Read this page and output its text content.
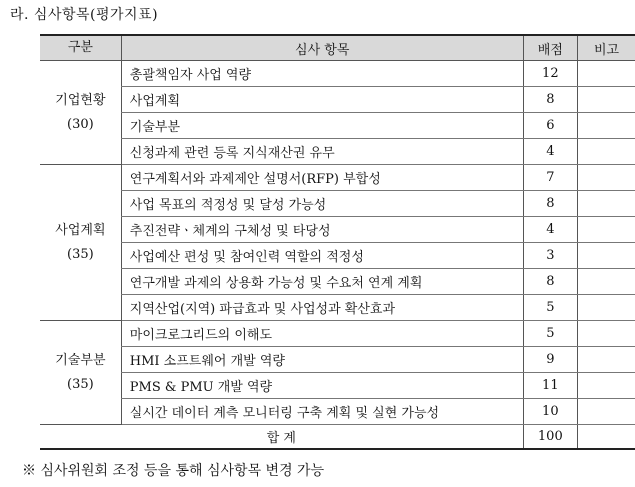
라. 심사항목(평가지표)
구분	심사 항목	배점	비고

기업현황
(30)	총괄책임자 사업 역량	12	
	사업계획	8	
	기술부분	6	
	신청과제 관련 등록 지식재산권 유무	4	

사업계획
(35)	연구계획서와 과제제안 설명서(RFP) 부합성	7	
	사업 목표의 적정성 및 달성 가능성	8	
	추진전략ㆍ체계의 구체성 및 타당성	4	
	사업예산 편성 및 참여인력 역할의 적정성	3	
	연구개발 과제의 상용화 가능성 및 수요처 연계 계획	8	
	지역산업(지역) 파급효과 및 사업성과 확산효과	5	

기술부분
(35)	마이크로그리드의 이해도	5	
	HMI 소프트웨어 개발 역량	9	
	PMS & PMU 개발 역량	11	
	실시간 데이터 계측 모니터링 구축 계획 및 실현 가능성	10	
합 계		100	
※ 심사위원회 조정 등을 통해 심사항목 변경 가능
